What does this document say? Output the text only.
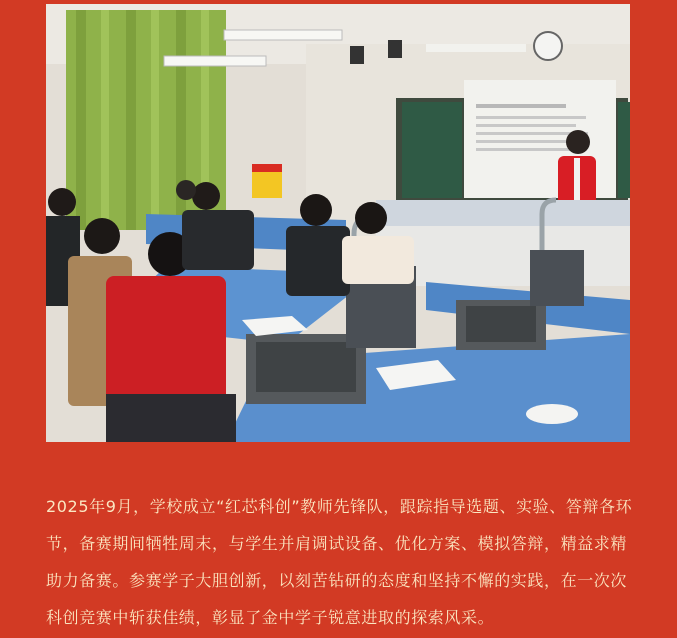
2025年9月，学校成立“红芯科创”教师先锋队，跟踪指导选题、实验、答辩各环节，备赛期间牺牲周末，与学生并肩调试设备、优化方案、模拟答辩，精益求精助力备赛。参赛学子大胆创新，以刻苦钻研的态度和坚持不懈的实践，在一次次科创竞赛中斩获佳绩，彰显了金中学子锐意进取的探索风采。
